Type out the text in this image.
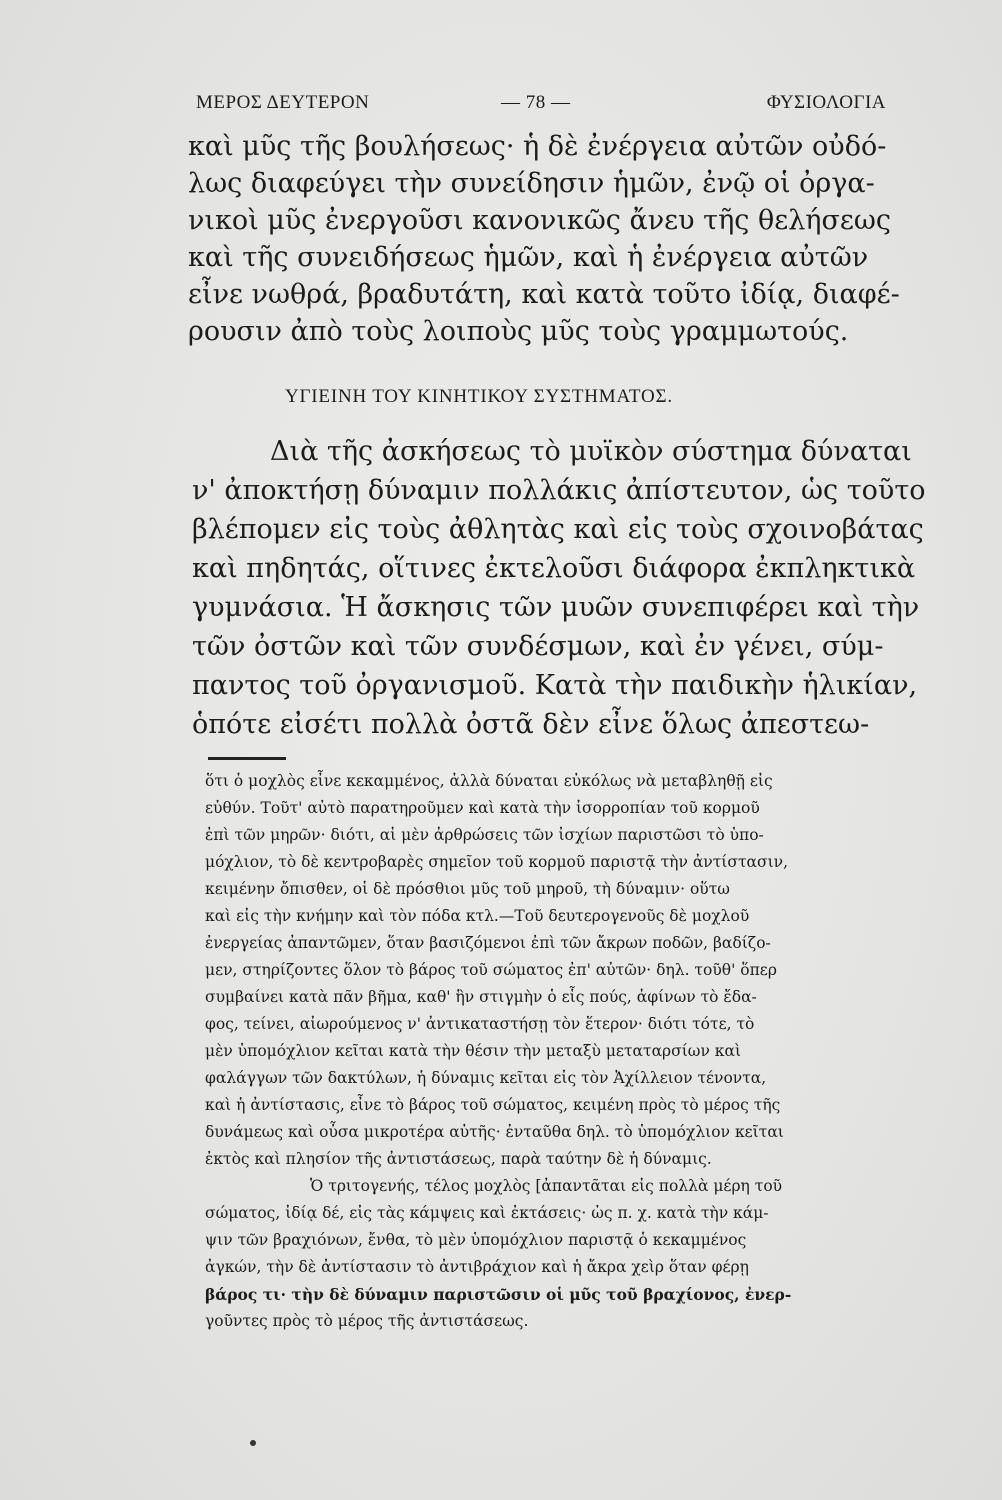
ΜΕΡΟΣ ΔΕΥΤΕΡΟΝ	— 78 —	ΦΥΣΙΟΛΟΓΙΑ
καὶ μῦς τῆς βουλήσεως· ἡ δὲ ἐνέργεια αὐτῶν οὐδό-
λως διαφεύγει τὴν συνείδησιν ἡμῶν, ἐνῷ οἱ ὀργα-
νικοὶ μῦς ἐνεργοῦσι κανονικῶς ἄνευ τῆς θελήσεως
καὶ τῆς συνειδήσεως ἡμῶν, καὶ ἡ ἐνέργεια αὐτῶν
εἶνε νωθρά, βραδυτάτη, καὶ κατὰ τοῦτο ἰδίᾳ, διαφέ-
ρουσιν ἀπὸ τοὺς λοιποὺς μῦς τοὺς γραμμωτούς.
ΥΓΙΕΙΝΗ ΤΟΥ ΚΙΝΗΤΙΚΟΥ ΣΥΣΤΗΜΑΤΟΣ.
Διὰ τῆς ἀσκήσεως τὸ μυϊκὸν σύστημα δύναται
ν' ἀποκτήσῃ δύναμιν πολλάκις ἀπίστευτον, ὡς τοῦτο
βλέπομεν εἰς τοὺς ἀθλητὰς καὶ εἰς τοὺς σχοινοβάτας
καὶ πηδητάς, οἵτινες ἐκτελοῦσι διάφορα ἐκπληκτικὰ
γυμνάσια. Ἡ ἄσκησις τῶν μυῶν συνεπιφέρει καὶ τὴν
τῶν ὀστῶν καὶ τῶν συνδέσμων, καὶ ἐν γένει, σύμ-
παντος τοῦ ὀργανισμοῦ. Κατὰ τὴν παιδικὴν ἡλικίαν,
ὁπότε εἰσέτι πολλὰ ὀστᾶ δὲν εἶνε ὅλως ἀπεστεω-
ὅτι ὁ μοχλὸς εἶνε κεκαμμένος, ἀλλὰ δύναται εὐκόλως νὰ μεταβληθῇ εἰς
εὐθύν. Τοῦτ' αὐτὸ παρατηροῦμεν καὶ κατὰ τὴν ἰσορροπίαν τοῦ κορμοῦ
ἐπὶ τῶν μηρῶν· διότι, αἱ μὲν ἀρθρώσεις τῶν ἰσχίων παριστῶσι τὸ ὑπο-
μόχλιον, τὸ δὲ κεντροβαρὲς σημεῖον τοῦ κορμοῦ παριστᾷ τὴν ἀντίστασιν,
κειμένην ὄπισθεν, οἱ δὲ πρόσθιοι μῦς τοῦ μηροῦ, τὴ δύναμιν· οὕτω
καὶ εἰς τὴν κνήμην καὶ τὸν πόδα κτλ.—Τοῦ δευτερογενοῦς δὲ μοχλοῦ
ἐνεργείας ἀπαντῶμεν, ὅταν βασιζόμενοι ἐπὶ τῶν ἄκρων ποδῶν, βαδίζο-
μεν, στηρίζοντες ὅλον τὸ βάρος τοῦ σώματος ἐπ' αὐτῶν· δηλ. τοῦθ' ὅπερ
συμβαίνει κατὰ πᾶν βῆμα, καθ' ἣν στιγμὴν ὁ εἷς πούς, ἀφίνων τὸ ἔδα-
φος, τείνει, αἰωρούμενος ν' ἀντικαταστήσῃ τὸν ἕτερον· διότι τότε, τὸ
μὲν ὑπομόχλιον κεῖται κατὰ τὴν θέσιν τὴν μεταξὺ μεταταρσίων καὶ
φαλάγγων τῶν δακτύλων, ἡ δύναμις κεῖται εἰς τὸν Ἀχίλλειον τένοντα,
καὶ ἡ ἀντίστασις, εἶνε τὸ βάρος τοῦ σώματος, κειμένη πρὸς τὸ μέρος τῆς
δυνάμεως καὶ οὖσα μικροτέρα αὐτῆς· ἐνταῦθα δηλ. τὸ ὑπομόχλιον κεῖται
ἐκτὸς καὶ πλησίον τῆς ἀντιστάσεως, παρὰ ταύτην δὲ ἡ δύναμις.
Ὁ τριτογενής, τέλος μοχλὸς [ἀπαντᾶται εἰς πολλὰ μέρη τοῦ
σώματος, ἰδίᾳ δέ, εἰς τὰς κάμψεις καὶ ἐκτάσεις· ὡς π. χ. κατὰ τὴν κάμ-
ψιν τῶν βραχιόνων, ἔνθα, τὸ μὲν ὑπομόχλιον παριστᾷ ὁ κεκαμμένος
ἀγκών, τὴν δὲ ἀντίστασιν τὸ ἀντιβράχιον καὶ ἡ ἄκρα χεὶρ ὅταν φέρῃ
βάρος τι· τὴν δὲ δύναμιν παριστῶσιν οἱ μῦς τοῦ βραχίονος, ἐνερ-
γοῦντες πρὸς τὸ μέρος τῆς ἀντιστάσεως.
